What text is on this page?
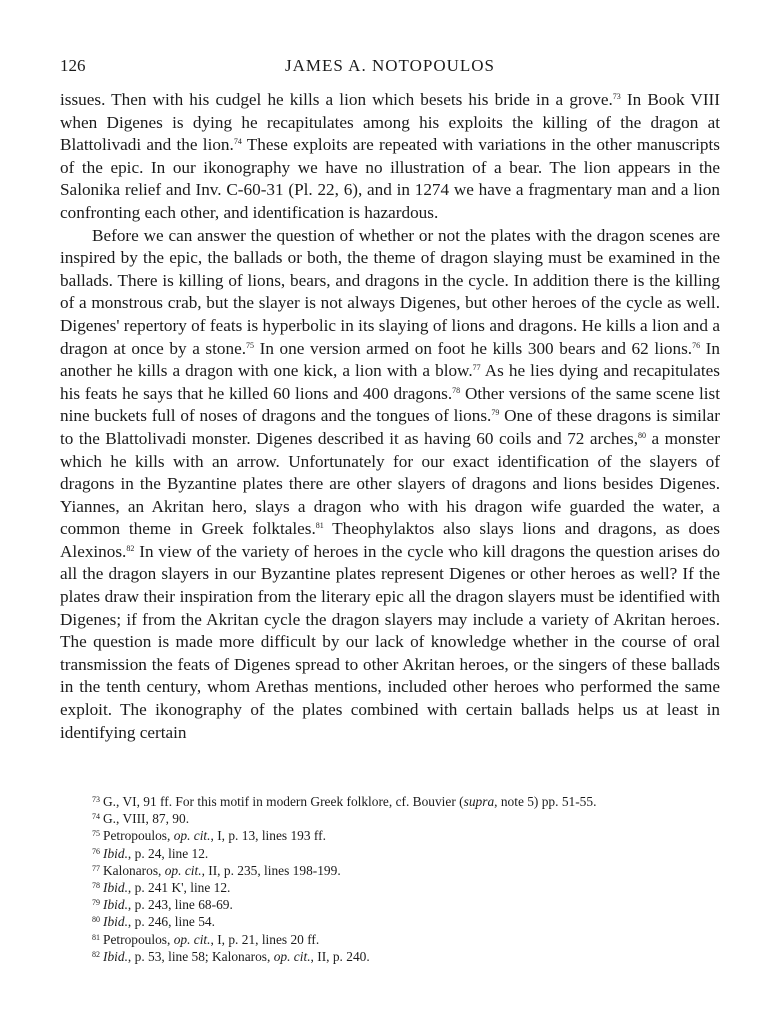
126	JAMES A. NOTOPOULOS

issues. Then with his cudgel he kills a lion which besets his bride in a grove.$^{73}$ In Book VIII when Digenes is dying he recapitulates among his exploits the killing of the dragon at Blattolivadi and the lion.$^{74}$ These exploits are repeated with variations in the other manuscripts of the epic. In our ikonography we have no illustration of a bear. The lion appears in the Salonika relief and Inv. C-60-31 (Pl. 22, 6), and in 1274 we have a fragmentary man and a lion confronting each other, and identification is hazardous.

Before we can answer the question of whether or not the plates with the dragon scenes are inspired by the epic, the ballads or both, the theme of dragon slaying must be examined in the ballads. There is killing of lions, bears, and dragons in the cycle. In addition there is the killing of a monstrous crab, but the slayer is not always Digenes, but other heroes of the cycle as well. Digenes' repertory of feats is hyperbolic in its slaying of lions and dragons. He kills a lion and a dragon at once by a stone.$^{75}$ In one version armed on foot he kills 300 bears and 62 lions.$^{76}$ In another he kills a dragon with one kick, a lion with a blow.$^{77}$ As he lies dying and recapitulates his feats he says that he killed 60 lions and 400 dragons.$^{78}$ Other versions of the same scene list nine buckets full of noses of dragons and the tongues of lions.$^{79}$ One of these dragons is similar to the Blattolivadi monster. Digenes described it as having 60 coils and 72 arches,$^{80}$ a monster which he kills with an arrow. Unfortunately for our exact identification of the slayers of dragons in the Byzantine plates there are other slayers of dragons and lions besides Digenes. Yiannes, an Akritan hero, slays a dragon who with his dragon wife guarded the water, a common theme in Greek folktales.$^{81}$ Theophylaktos also slays lions and dragons, as does Alexinos.$^{82}$ In view of the variety of heroes in the cycle who kill dragons the question arises do all the dragon slayers in our Byzantine plates represent Digenes or other heroes as well? If the plates draw their inspiration from the literary epic all the dragon slayers must be identified with Digenes; if from the Akritan cycle the dragon slayers may include a variety of Akritan heroes. The question is made more difficult by our lack of knowledge whether in the course of oral transmission the feats of Digenes spread to other Akritan heroes, or the singers of these ballads in the tenth century, whom Arethas mentions, included other heroes who performed the same exploit. The ikonography of the plates combined with certain ballads helps us at least in identifying certain

$^{73}$ G., VI, 91 ff. For this motif in modern Greek folklore, cf. Bouvier (supra, note 5) pp. 51-55.
$^{74}$ G., VIII, 87, 90.
$^{75}$ Petropoulos, op. cit., I, p. 13, lines 193 ff.
$^{76}$ Ibid., p. 24, line 12.
$^{77}$ Kalonaros, op. cit., II, p. 235, lines 198-199.
$^{78}$ Ibid., p. 241 K', line 12.
$^{79}$ Ibid., p. 243, line 68-69.
$^{80}$ Ibid., p. 246, line 54.
$^{81}$ Petropoulos, op. cit., I, p. 21, lines 20 ff.
$^{82}$ Ibid., p. 53, line 58; Kalonaros, op. cit., II, p. 240.
